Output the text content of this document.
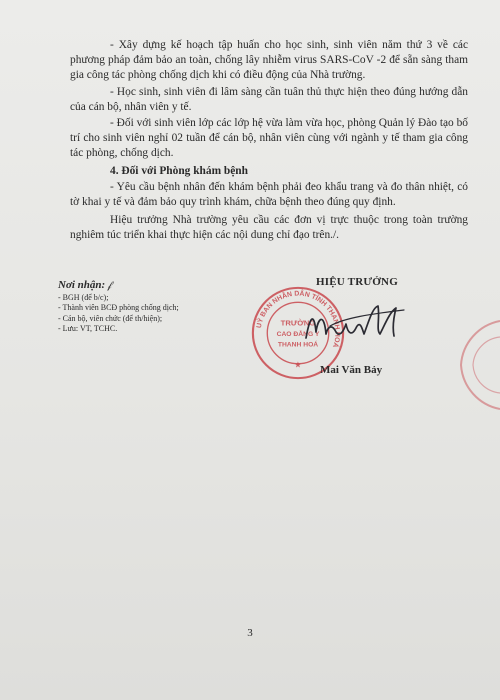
- Xây dựng kế hoạch tập huấn cho học sinh, sinh viên năm thứ 3 về các phương pháp đảm bảo an toàn, chống lây nhiễm virus SARS-CoV -2 để sẵn sàng tham gia công tác phòng chống dịch khi có điều động của Nhà trường.

- Học sinh, sinh viên đi lâm sàng cần tuân thủ thực hiện theo đúng hướng dẫn của cán bộ, nhân viên y tế.

- Đối với sinh viên lớp các lớp hệ vừa làm vừa học, phòng Quản lý Đào tạo bố trí cho sinh viên nghỉ 02 tuần để cán bộ, nhân viên cùng với ngành y tế tham gia công tác phòng, chống dịch.

4. Đối với Phòng khám bệnh

- Yêu cầu bệnh nhân đến khám bệnh phải đeo khẩu trang và đo thân nhiệt, có tờ khai y tế và đảm bảo quy trình khám, chữa bệnh theo đúng quy định.

Hiệu trưởng Nhà trường yêu cầu các đơn vị trực thuộc trong toàn trường nghiêm túc triển khai thực hiện các nội dung chỉ đạo trên./.

Nơi nhận: 𝒻
- BGH (để b/c);
- Thành viên BCĐ phòng chống dịch;
- Cán bộ, viên chức (để th/hiện);
- Lưu: VT, TCHC.
HIỆU TRƯỞNG
UỶ BAN NHÂN DÂN TỈNH THANH HOÁ
TRƯỜNG
CAO ĐẲNG Y
THANH HOÁ
★ Mai Văn Bảy
3
